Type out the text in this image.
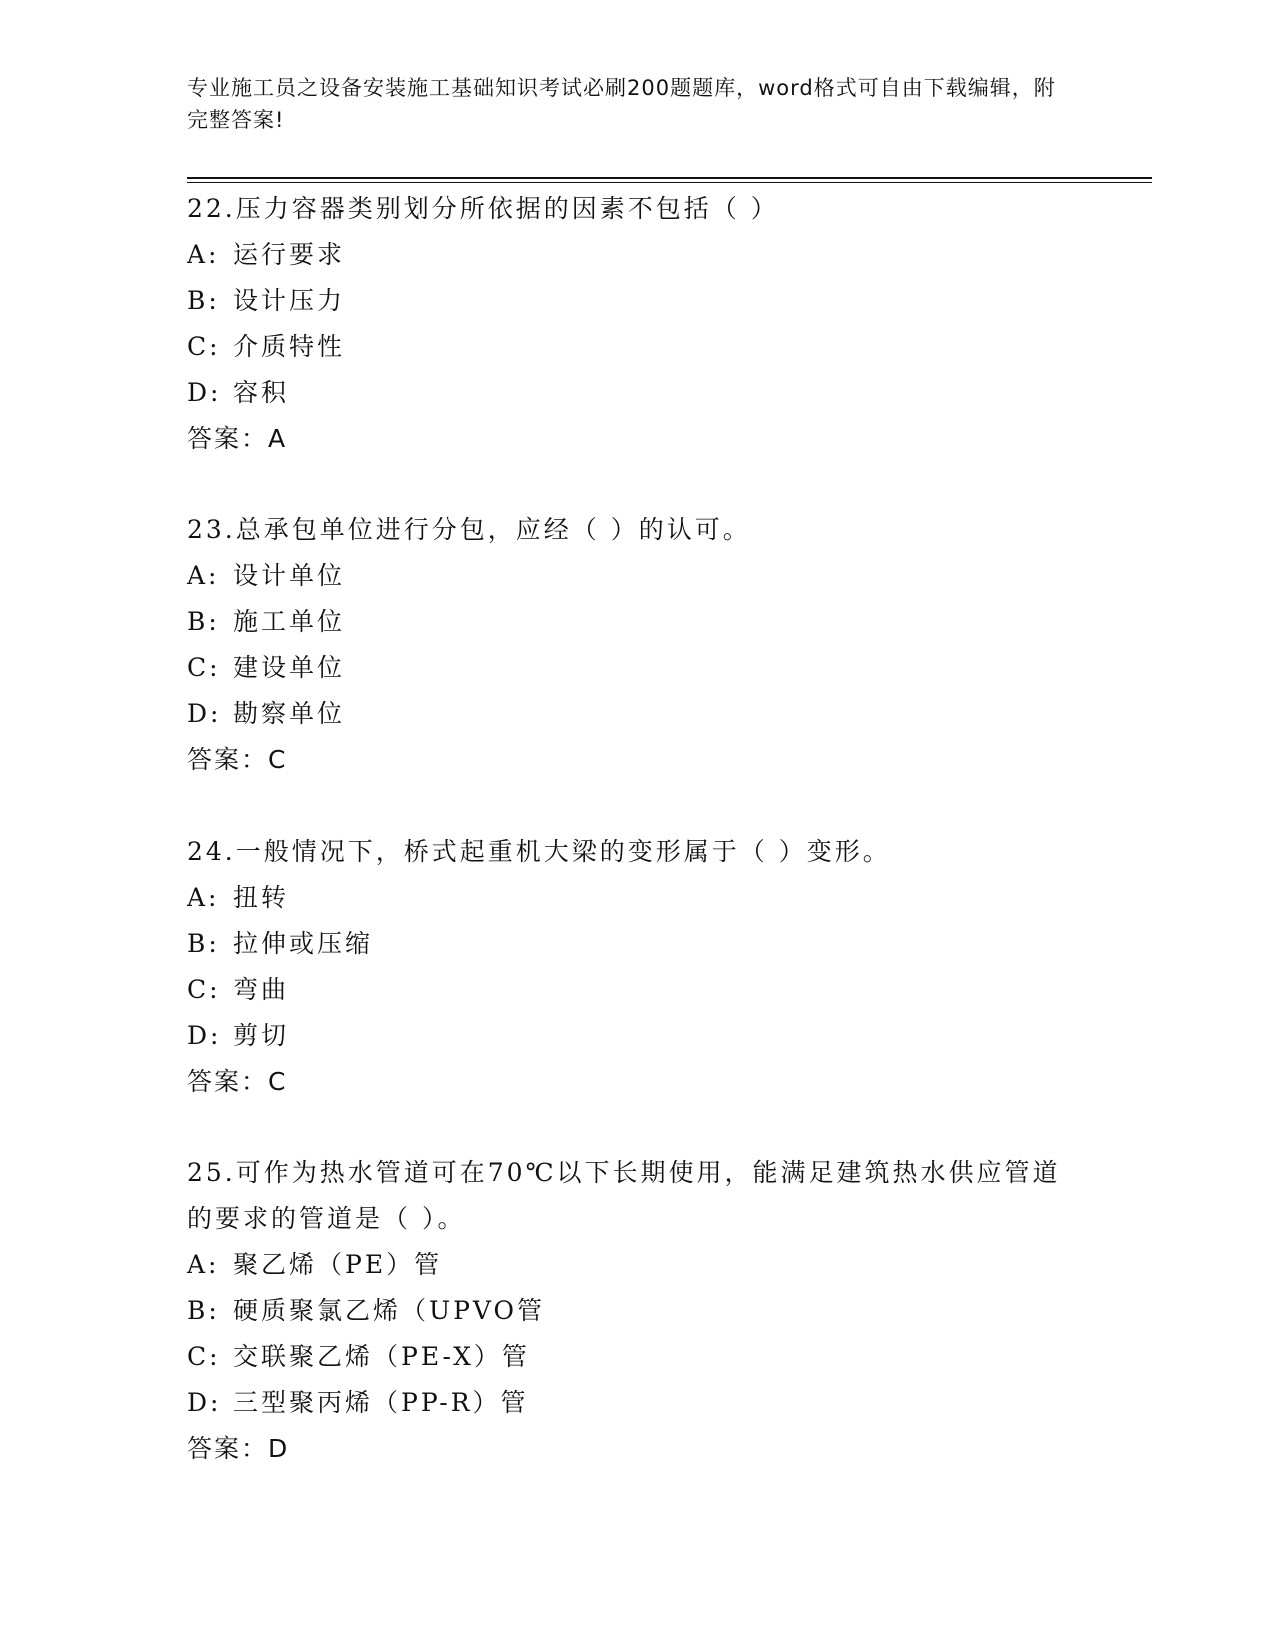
专业施工员之设备安装施工基础知识考试必刷200题题库，word格式可自由下载编辑，附完整答案!
22.压力容器类别划分所依据的因素不包括（ ）
A: 运行要求
B: 设计压力
C: 介质特性
D: 容积
答案：A
23.总承包单位进行分包，应经（ ）的认可。
A: 设计单位
B: 施工单位
C: 建设单位
D: 勘察单位
答案：C
24.一般情况下，桥式起重机大梁的变形属于（ ）变形。
A: 扭转
B: 拉伸或压缩
C: 弯曲
D: 剪切
答案：C
25.可作为热水管道可在70℃以下长期使用，能满足建筑热水供应管道的要求的管道是（ ）。
A: 聚乙烯（PE）管
B: 硬质聚氯乙烯（UPVO管
C: 交联聚乙烯（PE-X）管
D: 三型聚丙烯（PP-R）管
答案：D
